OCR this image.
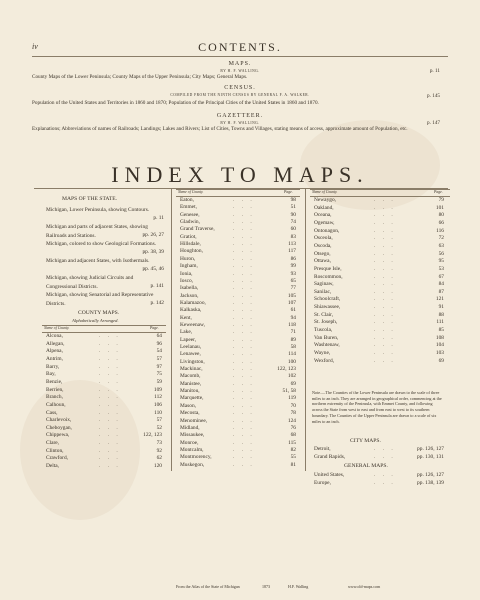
iv	CONTENTS.
MAPS.
BY H. F. WALLING.
County Maps of the Lower Peninsula; County Maps of the Upper Peninsula; City Maps; General Maps.
p. 11
CENSUS.
COMPILED FROM THE NINTH CENSUS BY GENERAL F. A. WALKER.
Population of the United States and Territories in 1860 and 1870; Population of the Principal Cities of the United States in 1860 and 1870.
p. 145
GAZETTEER.
BY H. F. WALLING.
Explanations; Abbreviations of names of Railroads; Landings; Lakes and Rivers; List of Cities, Towns and Villages, stating means of access, approximate amount of Population, etc.
p. 147
INDEX TO MAPS.
MAPS OF THE STATE.
Michigan, Lower Peninsula, showing Contours.
p. 11
Michigan and parts of adjacent States, showing Railroads and Stations.	pp. 26, 27
Michigan, colored to show Geological Formations.
pp. 38, 39
Michigan and adjacent States, with Isothermals.
pp. 45, 46
Michigan, showing Judicial Circuits and Congressional Districts.	p. 141
Michigan, showing Senatorial and Representative Districts.	p. 142
COUNTY MAPS.
Alphabetically Arranged.
Name of County.	Page.
Name of County.	Page.	Name of County.	Page.
Alcona,	. . .	64
Allegan,	. . .	96
Alpena,	. . .	54
Antrim,	. . .	57
Barry,	. . .	97
Bay,	. . .	75
Benzie,	. . .	59
Berrien,	. . .	109
Branch,	. . .	112
Calhoun,	. . .	106
Cass,	. . .	110
Charlevoix,	. . .	57
Cheboygan,	. . .	52
Chippewa,	. . .	122, 123
Clare,	. . .	73
Clinton,	. . .	92
Crawford,	. . .	62
Delta,	. . .	120
Eaton,	. . .	98
Emmet,	. . .	51
Genesee,	. . .	90
Gladwin,	. . .	74
Grand Traverse,	. . .	60
Gratiot,	. . .	83
Hillsdale,	. . .	113
Houghton,	. . .	117
Huron,	. . .	86
Ingham,	. . .	99
Ionia,	. . .	93
Iosco,	. . .	65
Isabella,	. . .	77
Jackson,	. . .	105
Kalamazoo,	. . .	107
Kalkaska,	. . .	61
Kent,	. . .	94
Keweenaw,	. . .	118
Lake,	. . .	71
Lapeer,	. . .	89
Leelanau,	. . .	58
Lenawee,	. . .	114
Livingston,	. . .	100
Mackinac,	. . .	122, 123
Macomb,	. . .	102
Manistee,	. . .	69
Manitou,	. . .	51, 58
Marquette,	. . .	119
Mason,	. . .	70
Mecosta,	. . .	78
Menominee,	. . .	124
Midland,	. . .	76
Missaukee,	. . .	68
Monroe,	. . .	115
Montcalm,	. . .	82
Montmorency,	. . .	55
Muskegon,	. . .	81
Newaygo,	. . .	79
Oakland,	. . .	101
Oceana,	. . .	80
Ogemaw,	. . .	66
Ontonagon,	. . .	116
Osceola,	. . .	72
Oscoda,	. . .	63
Otsego,	. . .	56
Ottawa,	. . .	95
Presque Isle,	. . .	53
Roscommon,	. . .	67
Saginaw,	. . .	84
Sanilac,	. . .	87
Schoolcraft,	. . .	121
Shiawassee,	. . .	91
St. Clair,	. . .	88
St. Joseph,	. . .	111
Tuscola,	. . .	85
Van Buren,	. . .	108
Washtenaw,	. . .	104
Wayne,	. . .	103
Wexford,	. . .	69
Note.—The Counties of the Lower Peninsula are drawn to the scale of three miles to an inch. They are arranged in geographical order, commencing at the northern extremity of the Peninsula, with Emmet County, and following across the State from west to east and from east to west to its southern boundary. The Counties of the Upper Peninsula are drawn to a scale of six miles to an inch.
CITY MAPS.
Detroit,	. . .	pp. 126, 127
Grand Rapids,	. . .	pp. 130, 131
GENERAL MAPS.
United States,	. . .	pp. 126, 127
Europe,	. . .	pp. 138, 139
From the Atlas of the State of Michigan	1873	H.F. Walling	www.old-maps.com
